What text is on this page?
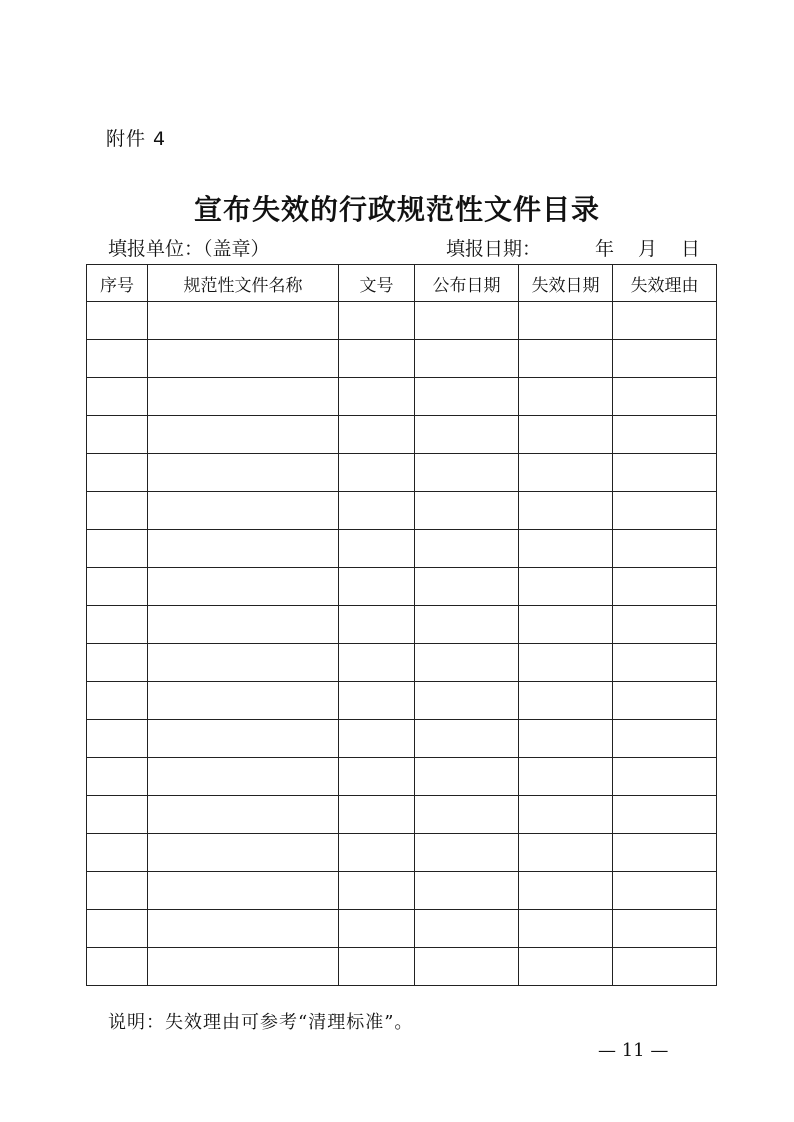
附件 4
宣布失效的行政规范性文件目录
填报单位：（盖章）	填报日期：	年 月 日
序号	规范性文件名称	文号	公布日期	失效日期	失效理由

说明：失效理由可参考“清理标准”。
— 11 —
